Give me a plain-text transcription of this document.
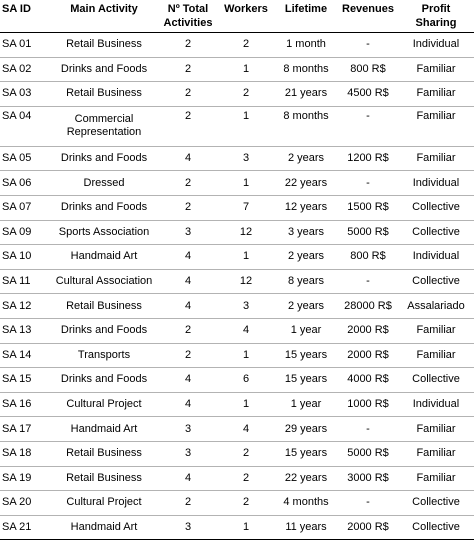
SA ID	Main Activity	Nº Total Activities	Workers	Lifetime	Revenues	Profit Sharing
SA 01	Retail Business	2	2	1 month	-	Individual
SA 02	Drinks and Foods	2	1	8 months	800 R$	Familiar
SA 03	Retail Business	2	2	21 years	4500 R$	Familiar
SA 04	Commercial Representation	2	1	8 months	-	Familiar
SA 05	Drinks and Foods	4	3	2 years	1200 R$	Familiar
SA 06	Dressed	2	1	22 years	-	Individual
SA 07	Drinks and Foods	2	7	12 years	1500 R$	Collective
SA 09	Sports Association	3	12	3 years	5000 R$	Collective
SA 10	Handmaid Art	4	1	2 years	800 R$	Individual
SA 11	Cultural Association	4	12	8 years	-	Collective
SA 12	Retail Business	4	3	2 years	28000 R$	Assalariado
SA 13	Drinks and Foods	2	4	1 year	2000 R$	Familiar
SA 14	Transports	2	1	15 years	2000 R$	Familiar
SA 15	Drinks and Foods	4	6	15 years	4000 R$	Collective
SA 16	Cultural Project	4	1	1 year	1000 R$	Individual
SA 17	Handmaid Art	3	4	29 years	-	Familiar
SA 18	Retail Business	3	2	15 years	5000 R$	Familiar
SA 19	Retail Business	4	2	22 years	3000 R$	Familiar
SA 20	Cultural Project	2	2	4 months	-	Collective
SA 21	Handmaid Art	3	1	11 years	2000 R$	Collective
